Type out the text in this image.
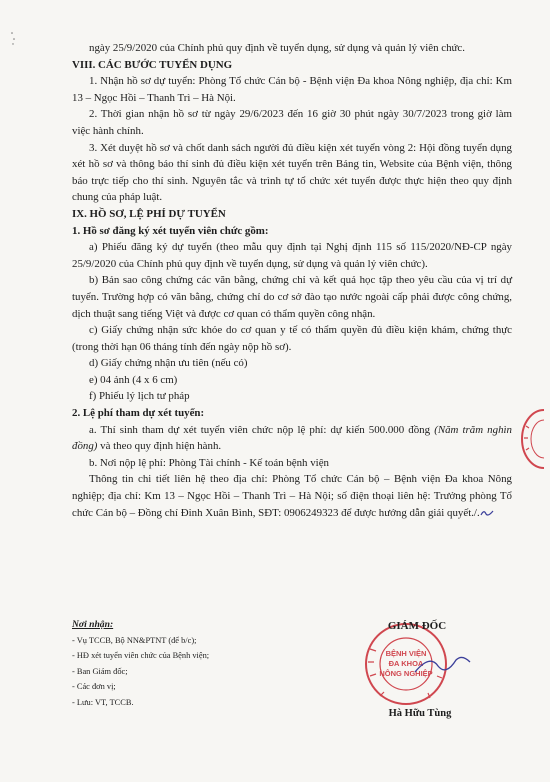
ngày 25/9/2020 của Chính phủ quy định về tuyển dụng, sử dụng và quản lý viên chức.

VIII. CÁC BƯỚC TUYỂN DỤNG

1. Nhận hồ sơ dự tuyển: Phòng Tổ chức Cán bộ - Bệnh viện Đa khoa Nông nghiệp, địa chỉ: Km 13 – Ngọc Hồi – Thanh Trì – Hà Nội.

2. Thời gian nhận hồ sơ từ ngày 29/6/2023 đến 16 giờ 30 phút ngày 30/7/2023 trong giờ làm việc hành chính.

3. Xét duyệt hồ sơ và chốt danh sách người đủ điều kiện xét tuyển vòng 2: Hội đồng tuyển dụng xét hồ sơ và thông báo thí sinh đủ điều kiện xét tuyển trên Bảng tin, Website của Bệnh viện, thông báo trực tiếp cho thí sinh. Nguyên tắc và trình tự tổ chức xét tuyển được thực hiện theo quy định chung của pháp luật.

IX. HỒ SƠ, LỆ PHÍ DỰ TUYỂN

1. Hồ sơ đăng ký xét tuyển viên chức gồm:

a) Phiếu đăng ký dự tuyển (theo mẫu quy định tại Nghị định 115 số 115/2020/NĐ-CP ngày 25/9/2020 của Chính phủ quy định về tuyển dụng, sử dụng và quản lý viên chức).

b) Bản sao công chứng các văn bằng, chứng chỉ và kết quả học tập theo yêu cầu của vị trí dự tuyển. Trường hợp có văn bằng, chứng chỉ do cơ sở đào tạo nước ngoài cấp phải được công chứng, dịch thuật sang tiếng Việt và được cơ quan có thẩm quyền công nhận.

c) Giấy chứng nhận sức khỏe do cơ quan y tế có thẩm quyền đủ điều kiện khám, chứng thực (trong thời hạn 06 tháng tính đến ngày nộp hồ sơ).

d) Giấy chứng nhận ưu tiên (nếu có)

e) 04 ảnh (4 x 6 cm)

f) Phiếu lý lịch tư pháp

2. Lệ phí tham dự xét tuyển:

a. Thí sinh tham dự xét tuyển viên chức nộp lệ phí: dự kiến 500.000 đồng (Năm trăm nghìn đồng) và theo quy định hiện hành.

b. Nơi nộp lệ phí: Phòng Tài chính - Kế toán bệnh viện

Thông tin chi tiết liên hệ theo địa chỉ: Phòng Tổ chức Cán bộ – Bệnh viện Đa khoa Nông nghiệp; địa chỉ: Km 13 – Ngọc Hồi – Thanh Trì – Hà Nội; số điện thoại liên hệ: Trưởng phòng Tổ chức Cán bộ – Đồng chí Đinh Xuân Bình, SĐT: 0906249323 để được hướng dẫn giải quyết./.

Nơi nhận:

- Vụ TCCB, Bộ NN&PTNT (để b/c);

- HĐ xét tuyển viên chức của Bệnh viện;

- Ban Giám đốc;

- Các đơn vị;

- Lưu: VT, TCCB.

BỆNH VIỆN
ĐA KHOA
NÔNG NGHIỆP
GIÁM ĐỐC
Hà Hữu Tùng
